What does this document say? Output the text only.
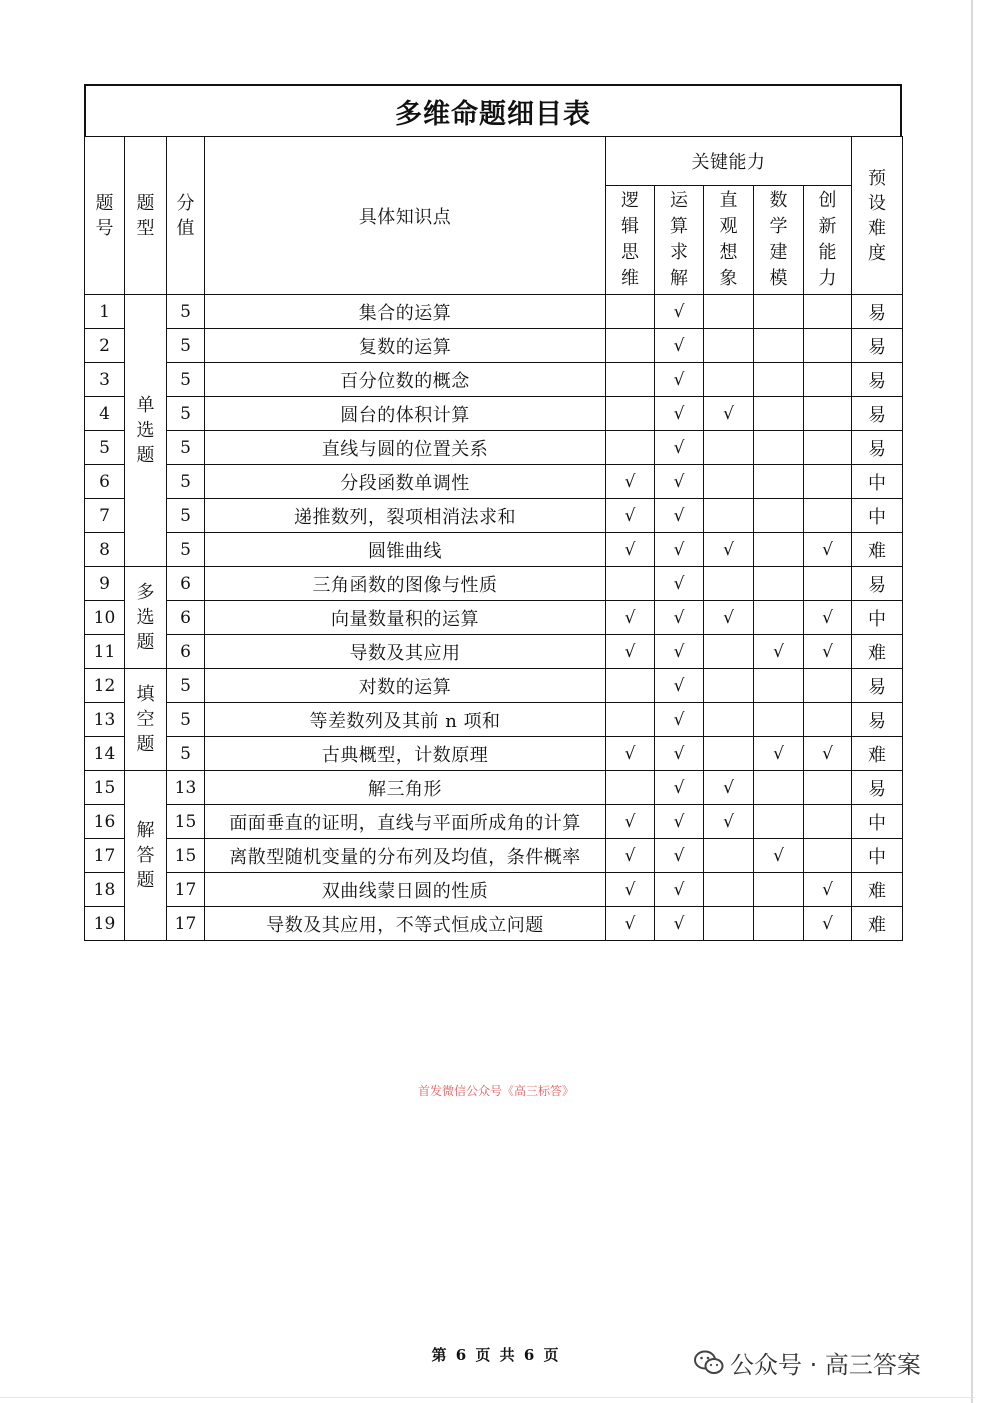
多维命题细目表
题号	题型	分值	具体知识点	关键能力					预设难度
				逻辑思维	运算求解	直观想象	数学建模	创新能力	
1	单选题	5	集合的运算		√				易
2		5	复数的运算		√				易
3		5	百分位数的概念		√				易
4		5	圆台的体积计算		√	√			易
5		5	直线与圆的位置关系		√				易
6		5	分段函数单调性	√	√				中
7		5	递推数列，裂项相消法求和	√	√				中
8		5	圆锥曲线	√	√	√		√	难
9	多选题	6	三角函数的图像与性质		√				易
10		6	向量数量积的运算	√	√	√		√	中
11		6	导数及其应用	√	√		√	√	难
12	填空题	5	对数的运算		√				易
13		5	等差数列及其前 n 项和		√				易
14		5	古典概型，计数原理	√	√		√	√	难
15	解答题	13	解三角形		√	√			易
16		15	面面垂直的证明，直线与平面所成角的计算	√	√	√			中
17		15	离散型随机变量的分布列及均值，条件概率	√	√		√		中
18		17	双曲线蒙日圆的性质	√	√			√	难
19		17	导数及其应用，不等式恒成立问题	√	√			√	难
首发微信公众号《高三标答》
第 6 页 共 6 页	公众号 · 高三答案
